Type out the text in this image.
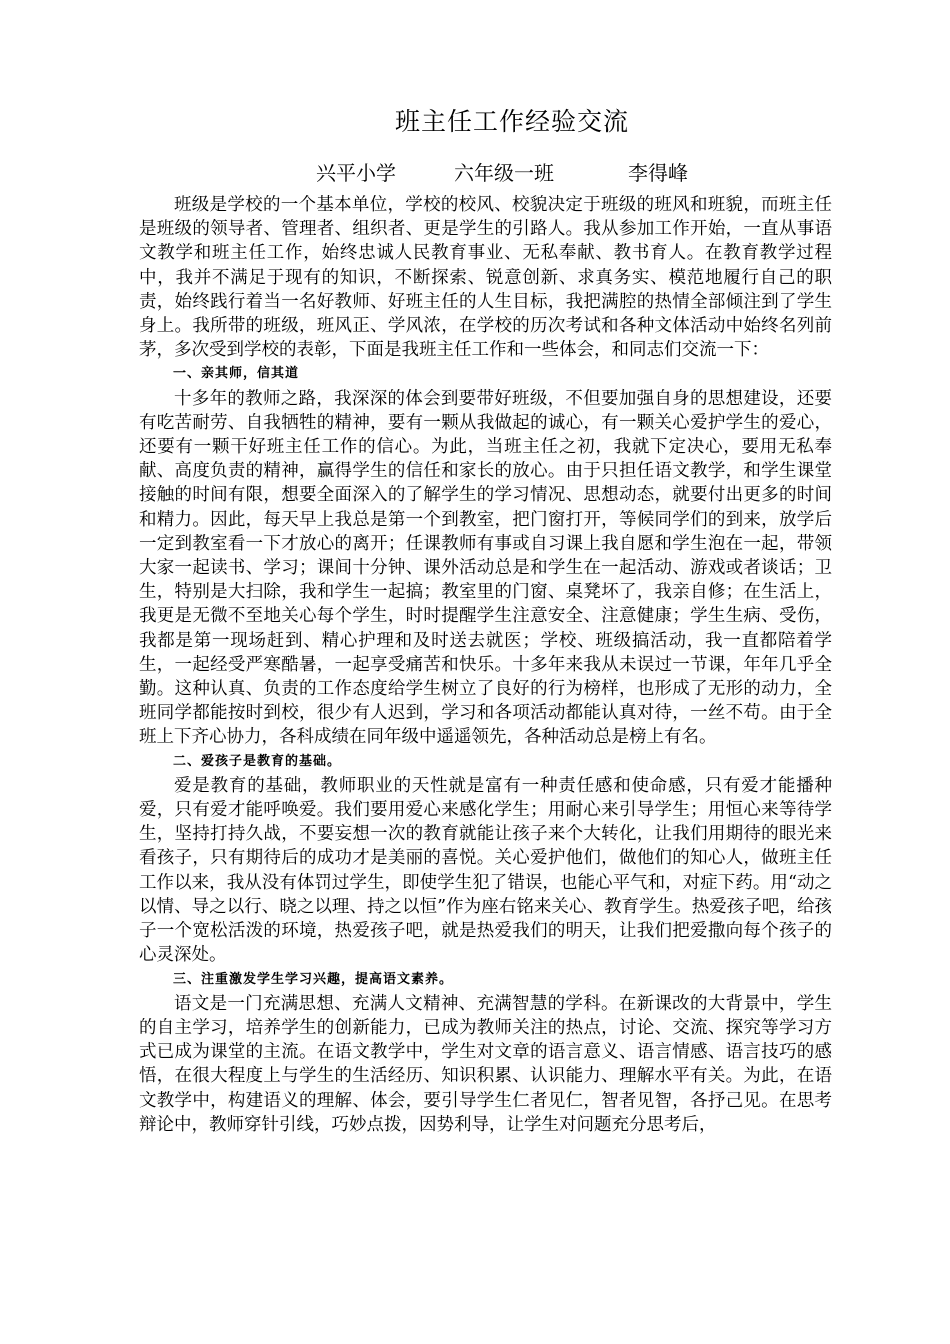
班主任工作经验交流
兴平小学	六年级一班	李得峰

班级是学校的一个基本单位，学校的校风、校貌决定于班级的班风和班貌，而班主任是班级的领导者、管理者、组织者、更是学生的引路人。我从参加工作开始，一直从事语文教学和班主任工作，始终忠诚人民教育事业、无私奉献、教书育人。在教育教学过程中，我并不满足于现有的知识，不断探索、锐意创新、求真务实、模范地履行自己的职责，始终践行着当一名好教师、好班主任的人生目标，我把满腔的热情全部倾注到了学生身上。我所带的班级，班风正、学风浓，在学校的历次考试和各种文体活动中始终名列前茅，多次受到学校的表彰，下面是我班主任工作和一些体会，和同志们交流一下：

一、亲其师，信其道

十多年的教师之路，我深深的体会到要带好班级，不但要加强自身的思想建设，还要有吃苦耐劳、自我牺牲的精神，要有一颗从我做起的诚心，有一颗关心爱护学生的爱心，还要有一颗干好班主任工作的信心。为此，当班主任之初，我就下定决心，要用无私奉献、高度负责的精神，赢得学生的信任和家长的放心。由于只担任语文教学，和学生课堂接触的时间有限，想要全面深入的了解学生的学习情况、思想动态，就要付出更多的时间和精力。因此，每天早上我总是第一个到教室，把门窗打开，等候同学们的到来，放学后一定到教室看一下才放心的离开；任课教师有事或自习课上我自愿和学生泡在一起，带领大家一起读书、学习；课间十分钟、课外活动总是和学生在一起活动、游戏或者谈话；卫生，特别是大扫除，我和学生一起搞；教室里的门窗、桌凳坏了，我亲自修；在生活上，我更是无微不至地关心每个学生，时时提醒学生注意安全、注意健康；学生生病、受伤，我都是第一现场赶到、精心护理和及时送去就医；学校、班级搞活动，我一直都陪着学生，一起经受严寒酷暑，一起享受痛苦和快乐。十多年来我从未误过一节课，年年几乎全勤。这种认真、负责的工作态度给学生树立了良好的行为榜样，也形成了无形的动力，全班同学都能按时到校，很少有人迟到，学习和各项活动都能认真对待，一丝不苟。由于全班上下齐心协力，各科成绩在同年级中遥遥领先，各种活动总是榜上有名。

二、爱孩子是教育的基础。

爱是教育的基础，教师职业的天性就是富有一种责任感和使命感，只有爱才能播种爱，只有爱才能呼唤爱。我们要用爱心来感化学生；用耐心来引导学生；用恒心来等待学生，坚持打持久战，不要妄想一次的教育就能让孩子来个大转化，让我们用期待的眼光来看孩子，只有期待后的成功才是美丽的喜悦。关心爱护他们，做他们的知心人，做班主任工作以来，我从没有体罚过学生，即使学生犯了错误，也能心平气和，对症下药。用“动之以情、导之以行、晓之以理、持之以恒”作为座右铭来关心、教育学生。热爱孩子吧，给孩子一个宽松活泼的环境，热爱孩子吧，就是热爱我们的明天，让我们把爱撒向每个孩子的心灵深处。

三、注重激发学生学习兴趣，提高语文素养。

语文是一门充满思想、充满人文精神、充满智慧的学科。在新课改的大背景中，学生的自主学习，培养学生的创新能力，已成为教师关注的热点，讨论、交流、探究等学习方式已成为课堂的主流。在语文教学中，学生对文章的语言意义、语言情感、语言技巧的感悟，在很大程度上与学生的生活经历、知识积累、认识能力、理解水平有关。为此，在语文教学中，构建语义的理解、体会，要引导学生仁者见仁，智者见智，各抒己见。在思考辩论中，教师穿针引线，巧妙点拨，因势利导，让学生对问题充分思考后，
